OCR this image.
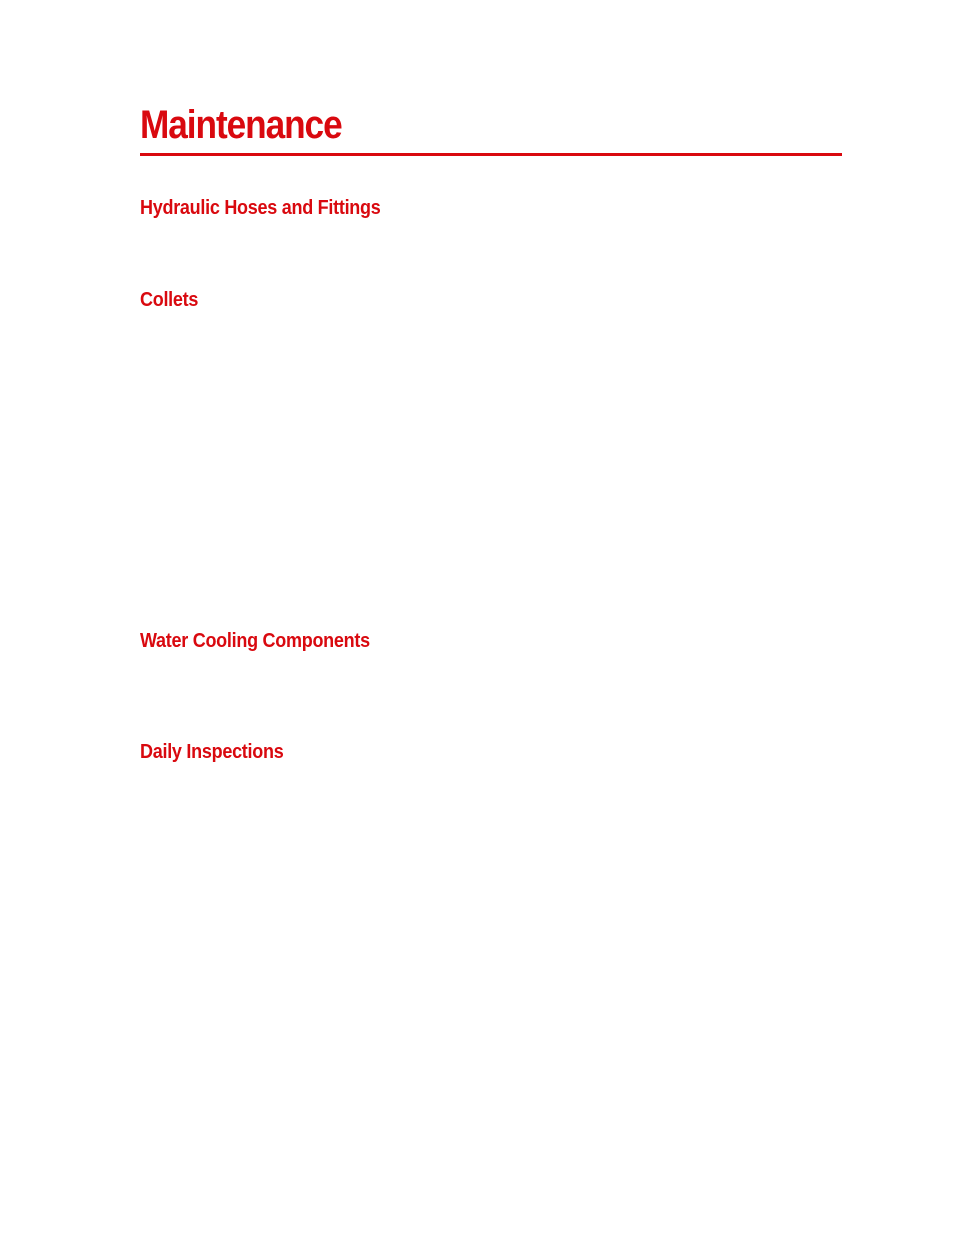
Maintenance
Hydraulic Hoses and Fittings
Collets
Water Cooling Components
Daily Inspections
